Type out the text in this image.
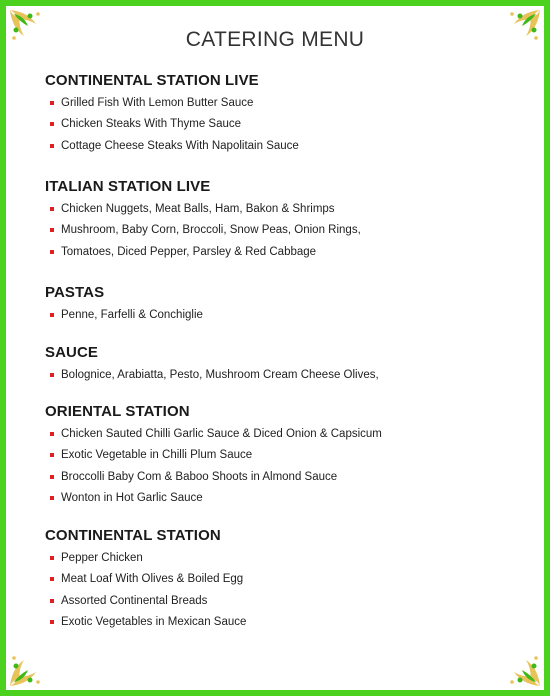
CATERING MENU
CONTINENTAL STATION LIVE
Grilled Fish With Lemon Butter Sauce
Chicken Steaks With Thyme Sauce
Cottage Cheese Steaks With Napolitain Sauce
ITALIAN STATION LIVE
Chicken Nuggets, Meat Balls, Ham, Bakon & Shrimps
Mushroom, Baby Corn, Broccoli, Snow Peas, Onion Rings,
Tomatoes, Diced Pepper, Parsley & Red Cabbage
PASTAS
Penne, Farfelli & Conchiglie
SAUCE
Bolognice, Arabiatta, Pesto, Mushroom Cream Cheese Olives,
ORIENTAL STATION
Chicken Sauted Chilli Garlic Sauce & Diced Onion & Capsicum
Exotic Vegetable in Chilli Plum Sauce
Broccolli Baby Com & Baboo Shoots in Almond Sauce
Wonton in Hot Garlic Sauce
CONTINENTAL STATION
Pepper Chicken
Meat Loaf With Olives & Boiled Egg
Assorted Continental Breads
Exotic Vegetables in Mexican Sauce
